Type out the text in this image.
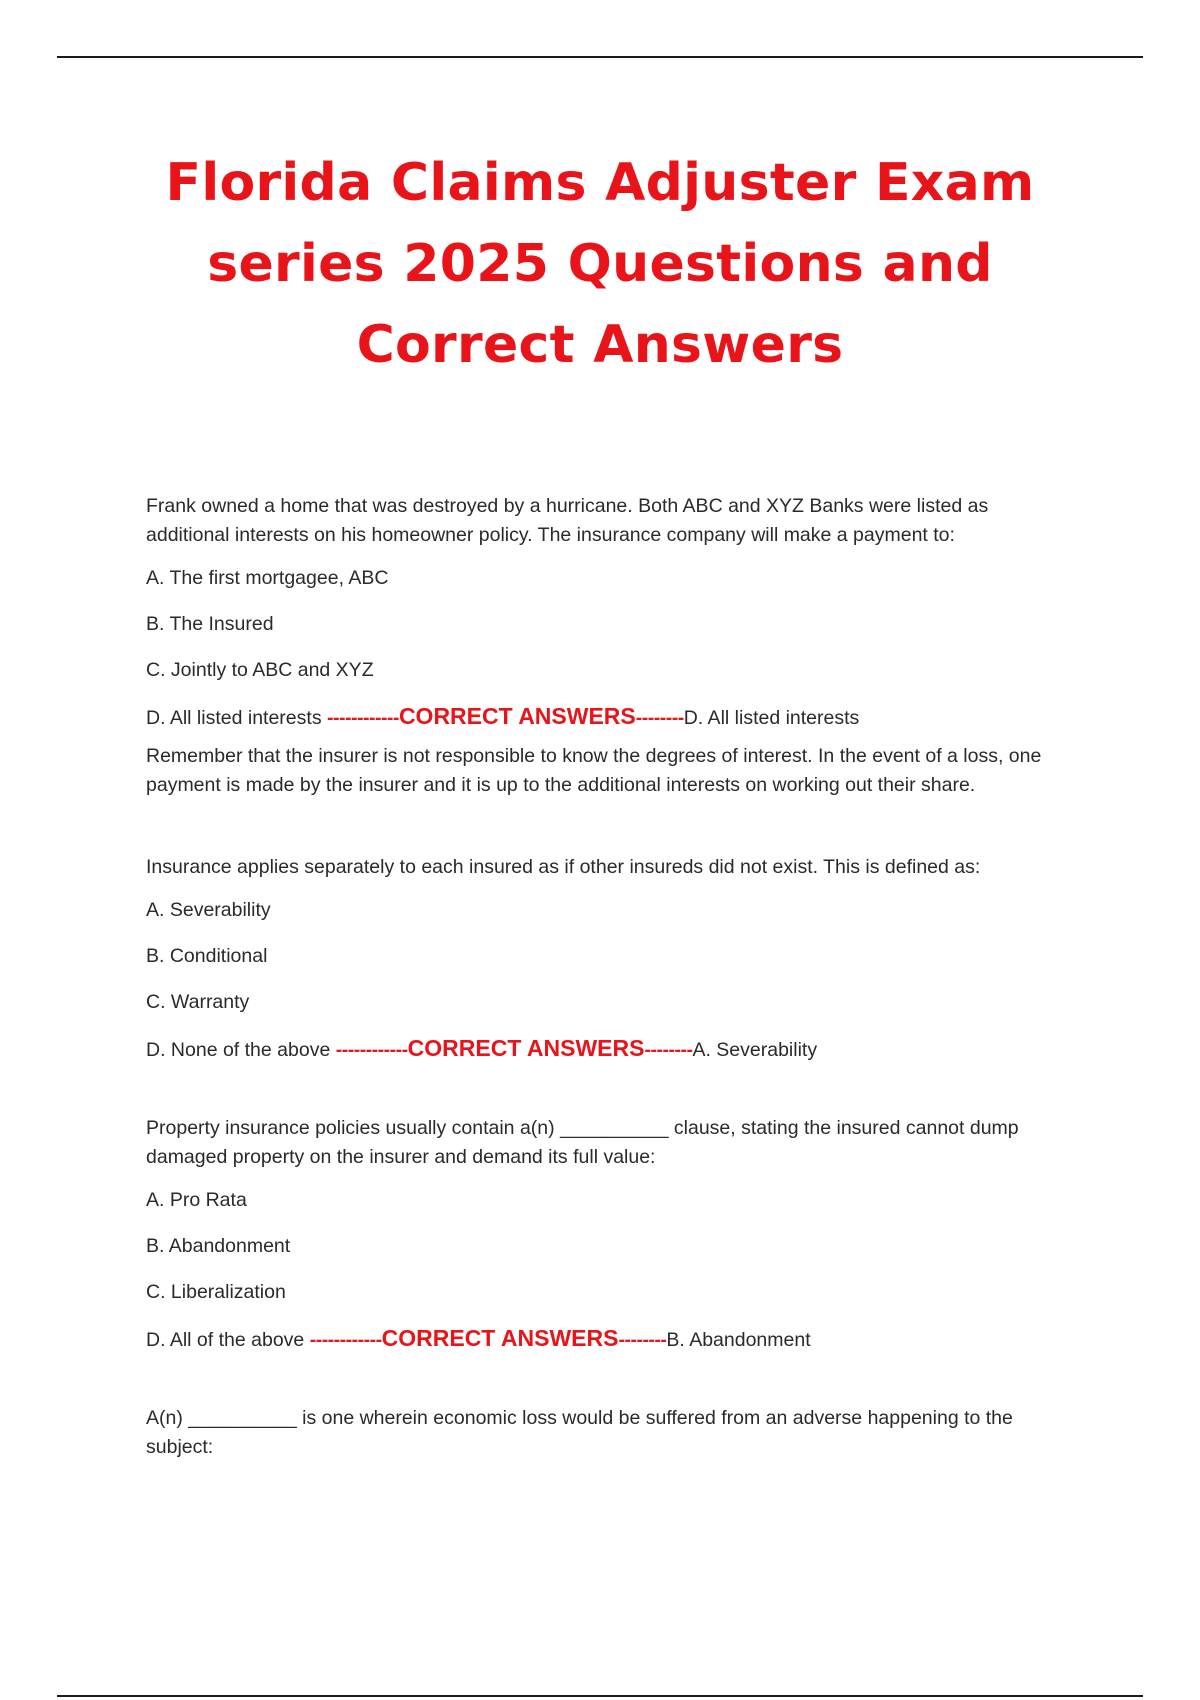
Florida Claims Adjuster Exam
series 2025 Questions and
Correct Answers

Frank owned a home that was destroyed by a hurricane. Both ABC and XYZ Banks were listed as additional interests on his homeowner policy. The insurance company will make a payment to:

A. The first mortgagee, ABC

B. The Insured

C. Jointly to ABC and XYZ

D. All listed interests ------------CORRECT ANSWERS--------D. All listed interests

Remember that the insurer is not responsible to know the degrees of interest. In the event of a loss, one payment is made by the insurer and it is up to the additional interests on working out their share.

Insurance applies separately to each insured as if other insureds did not exist. This is defined as:

A. Severability

B. Conditional

C. Warranty

D. None of the above ------------CORRECT ANSWERS--------A. Severability

Property insurance policies usually contain a(n) __________ clause, stating the insured cannot dump damaged property on the insurer and demand its full value:

A. Pro Rata

B. Abandonment

C. Liberalization

D. All of the above ------------CORRECT ANSWERS--------B. Abandonment

A(n) __________ is one wherein economic loss would be suffered from an adverse happening to the subject:
